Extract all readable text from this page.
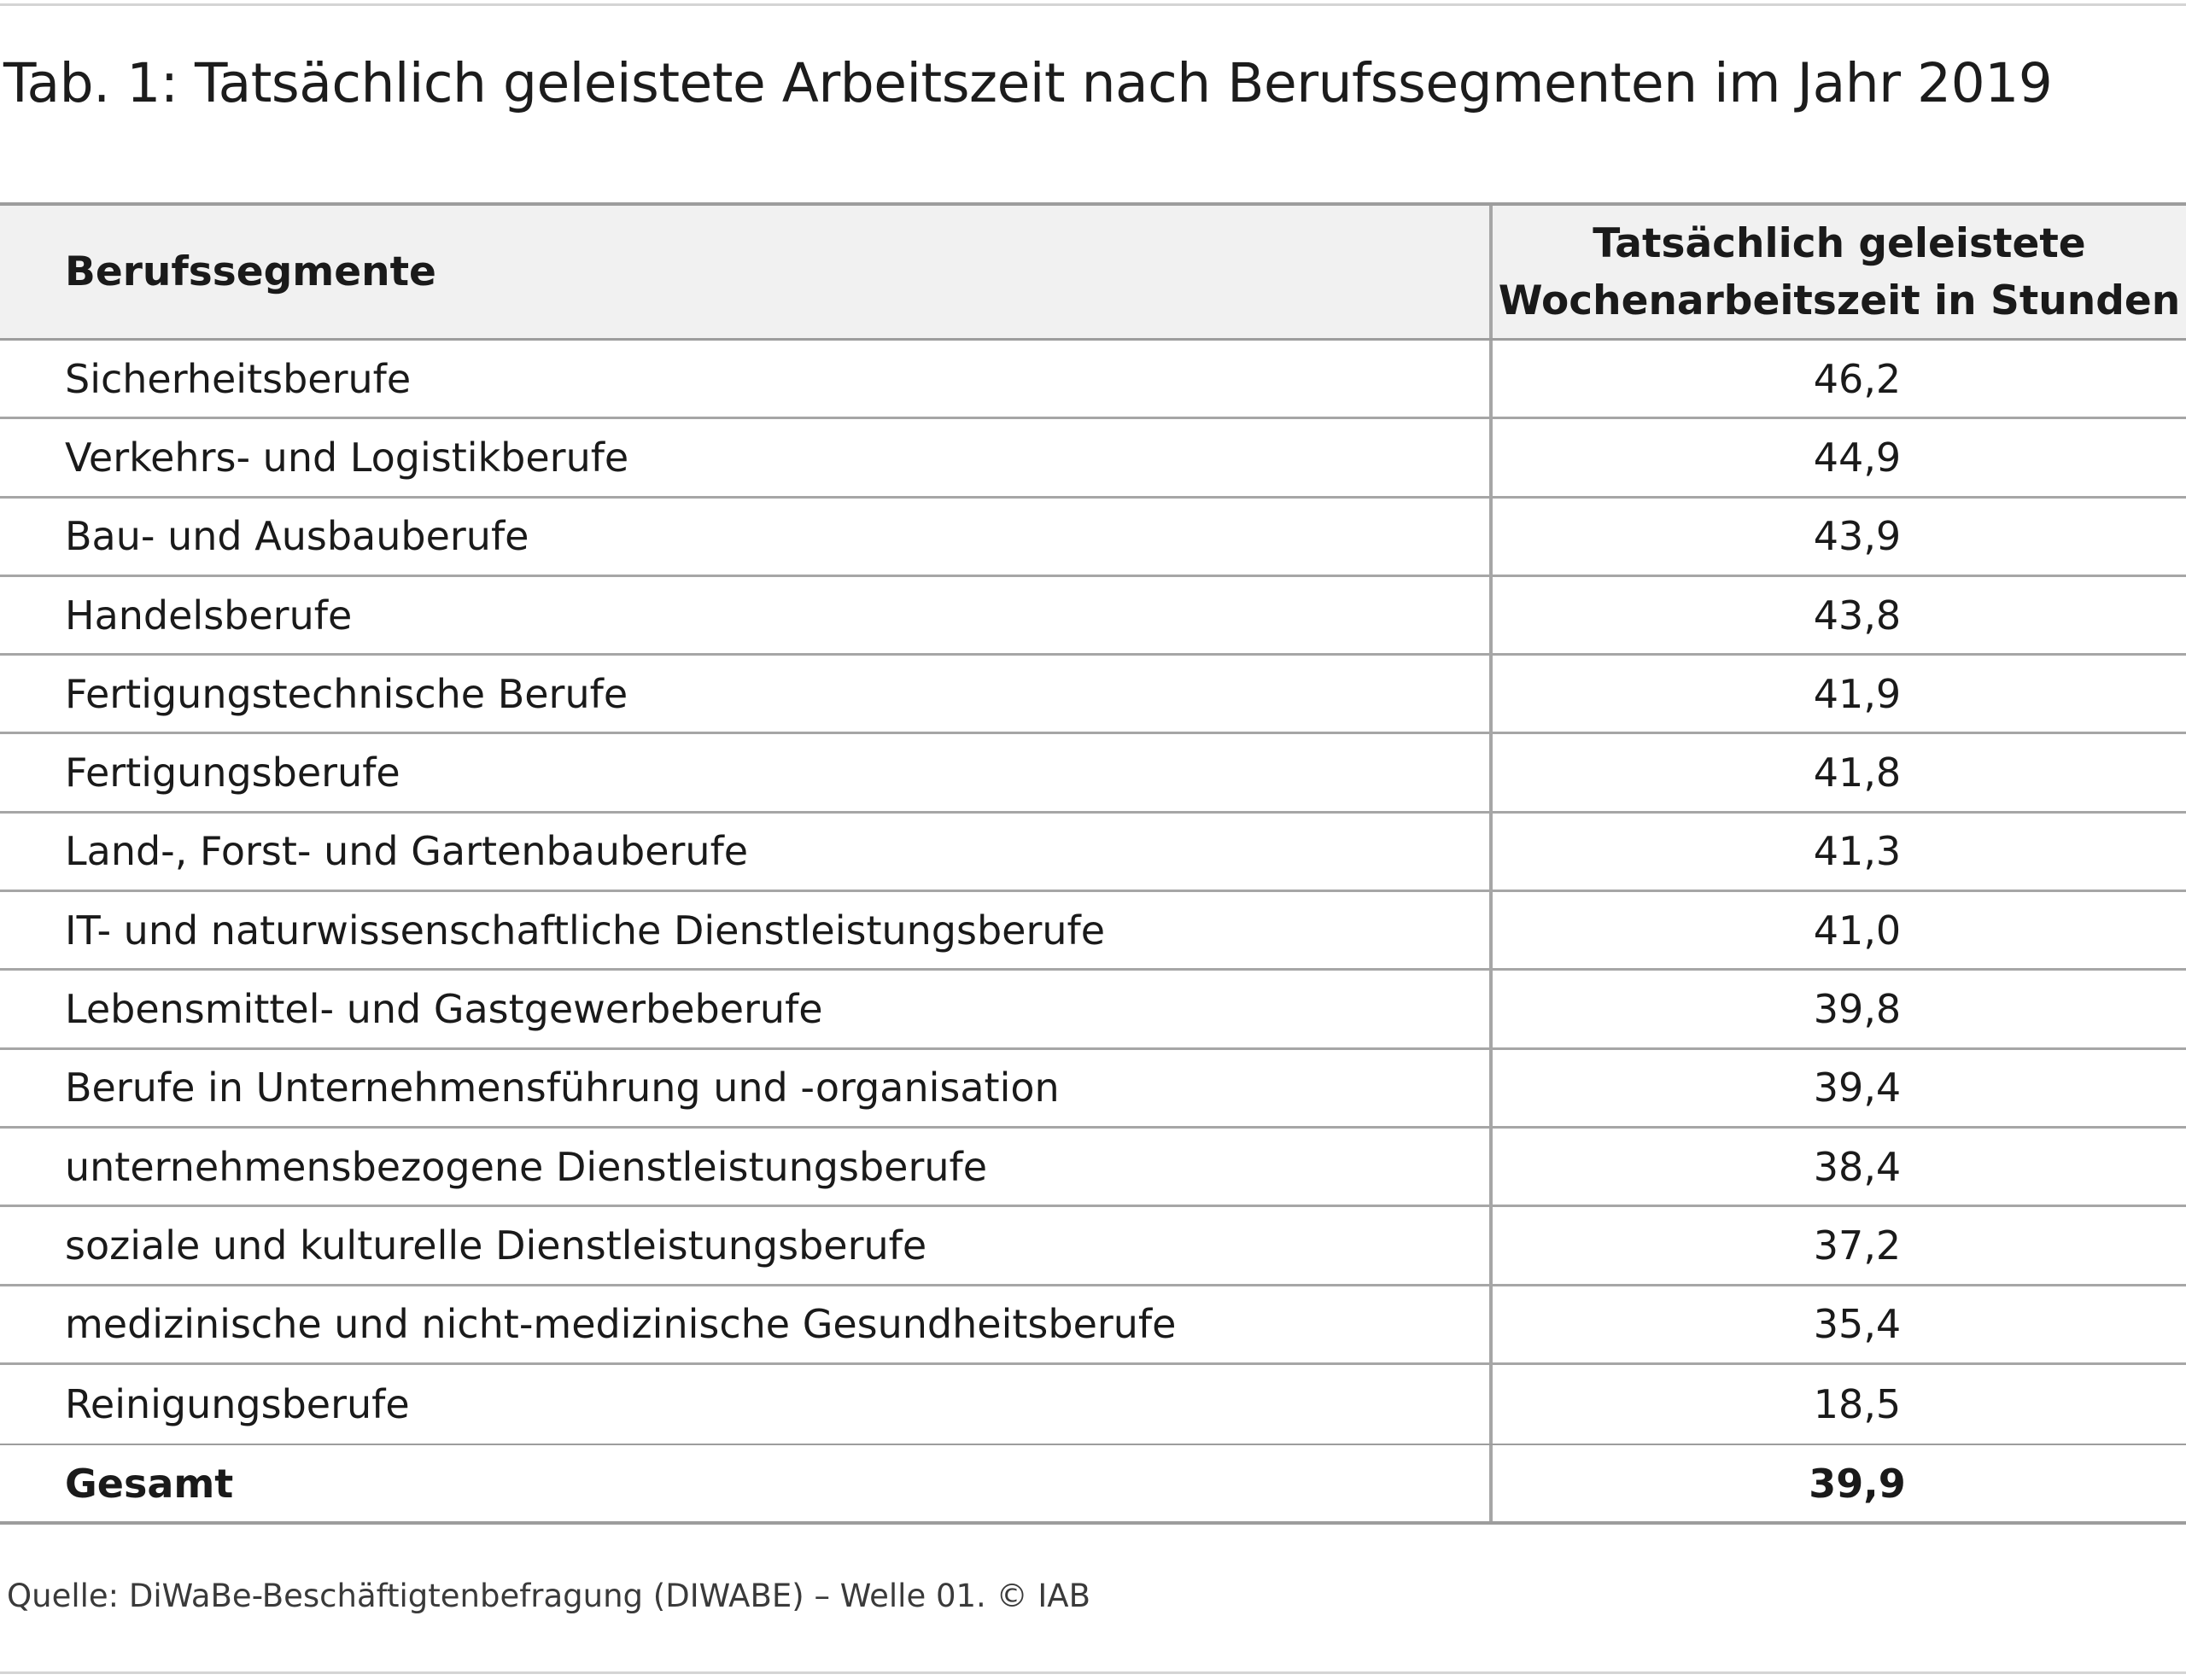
Tab. 1: Tatsächlich geleistete Arbeitszeit nach Berufssegmenten im Jahr 2019
Berufssegmente
Tatsächlich geleistete
Wochenarbeitszeit in Stunden
Sicherheitsberufe	46,2
Verkehrs- und Logistikberufe	44,9
Bau- und Ausbauberufe	43,9
Handelsberufe	43,8
Fertigungstechnische Berufe	41,9
Fertigungsberufe	41,8
Land-, Forst- und Gartenbauberufe	41,3
IT- und naturwissenschaftliche Dienstleistungsberufe	41,0
Lebensmittel- und Gastgewerbeberufe	39,8
Berufe in Unternehmensführung und -organisation	39,4
unternehmensbezogene Dienstleistungsberufe	38,4
soziale und kulturelle Dienstleistungsberufe	37,2
medizinische und nicht-medizinische Gesundheitsberufe	35,4
Reinigungsberufe	18,5
Gesamt	39,9
Quelle: DiWaBe-Beschäftigtenbefragung (DIWABE) – Welle 01. © IAB
